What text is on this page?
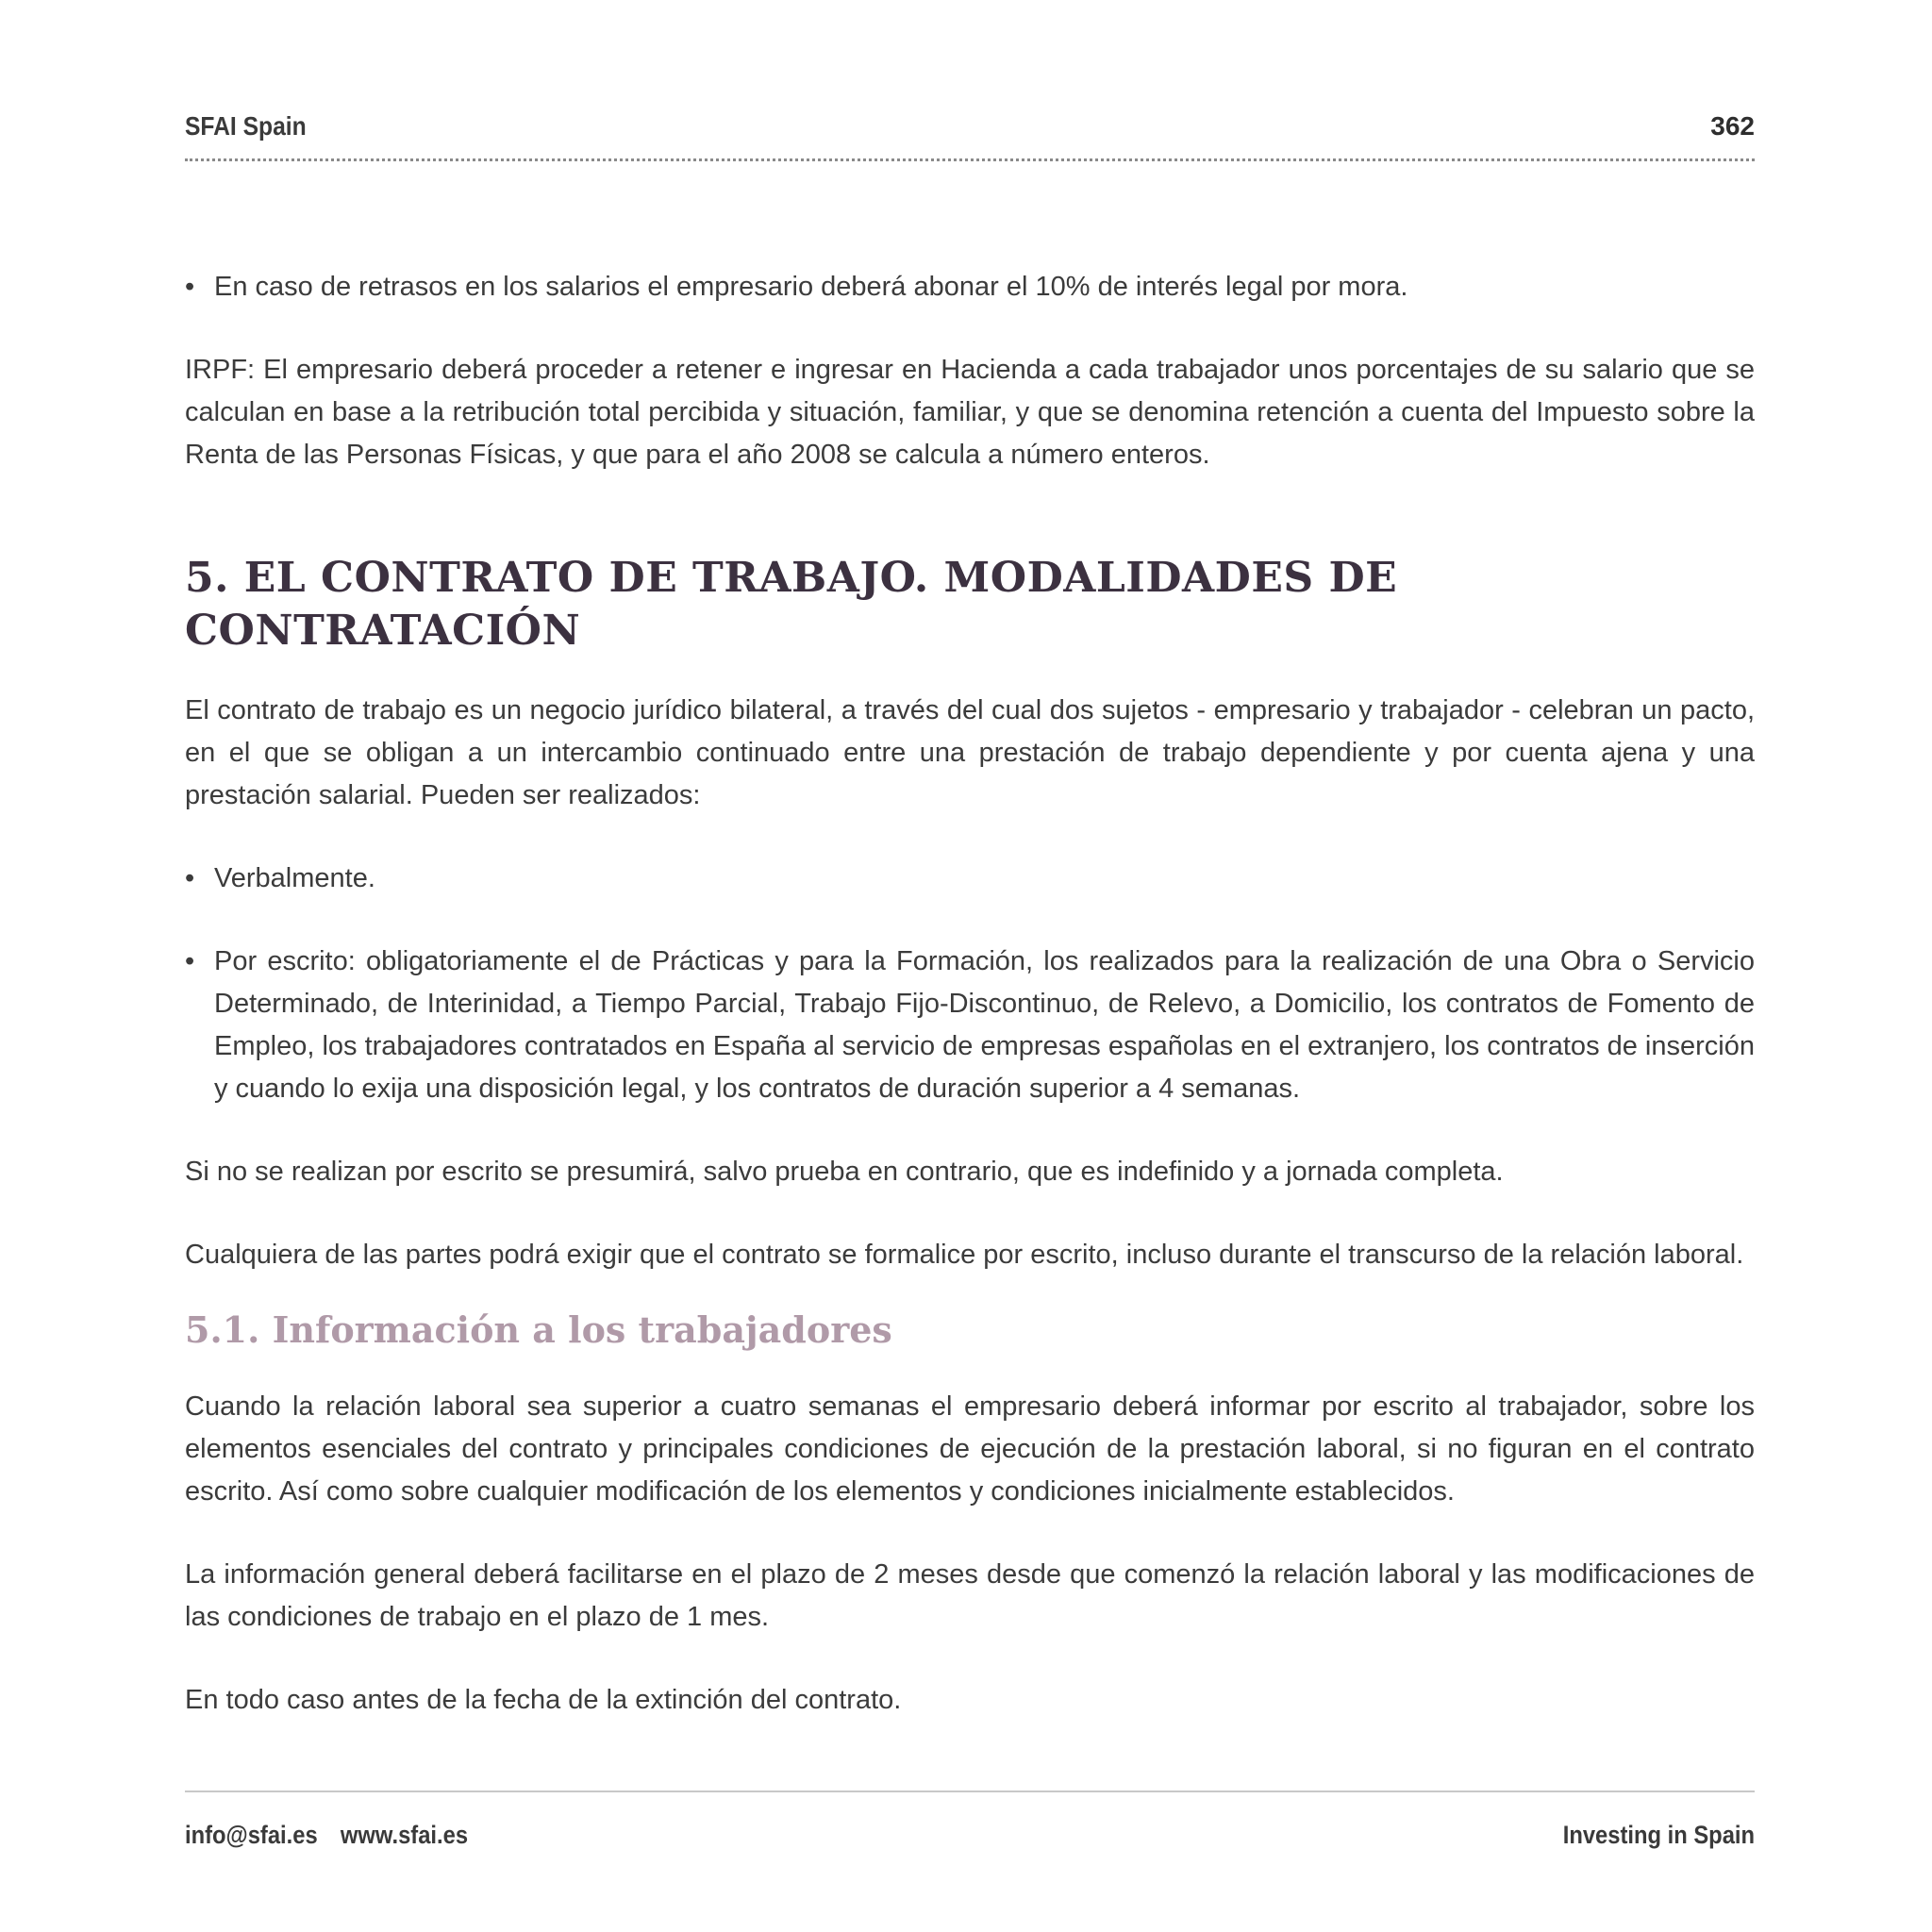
SFAI Spain	362

• En caso de retrasos en los salarios el empresario deberá abonar el 10% de interés legal por mora.

IRPF: El empresario deberá proceder a retener e ingresar en Hacienda a cada trabajador unos porcentajes de su salario que se calculan en base a la retribución total percibida y situación, familiar, y que se denomina retención a cuenta del Impuesto sobre la Renta de las Personas Físicas, y que para el año 2008 se calcula a número enteros.

5. EL CONTRATO DE TRABAJO. MODALIDADES DE CONTRATACIÓN

El contrato de trabajo es un negocio jurídico bilateral, a través del cual dos sujetos - empresario y trabajador - celebran un pacto, en el que se obligan a un intercambio continuado entre una prestación de trabajo dependiente y por cuenta ajena y una prestación salarial. Pueden ser realizados:

• Verbalmente.

• Por escrito: obligatoriamente el de Prácticas y para la Formación, los realizados para la realización de una Obra o Servicio Determinado, de Interinidad, a Tiempo Parcial, Trabajo Fijo-Discontinuo, de Relevo, a Domicilio, los contratos de Fomento de Empleo, los trabajadores contratados en España al servicio de empresas españolas en el extranjero, los contratos de inserción y cuando lo exija una disposición legal, y los contratos de duración superior a 4 semanas.

Si no se realizan por escrito se presumirá, salvo prueba en contrario, que es indefinido y a jornada completa.

Cualquiera de las partes podrá exigir que el contrato se formalice por escrito, incluso durante el transcurso de la relación laboral.

5.1. Información a los trabajadores

Cuando la relación laboral sea superior a cuatro semanas el empresario deberá informar por escrito al trabajador, sobre los elementos esenciales del contrato y principales condiciones de ejecución de la prestación laboral, si no figuran en el contrato escrito. Así como sobre cualquier modificación de los elementos y condiciones inicialmente establecidos.

La información general deberá facilitarse en el plazo de 2 meses desde que comenzó la relación laboral y las modificaciones de las condiciones de trabajo en el plazo de 1 mes.

En todo caso antes de la fecha de la extinción del contrato.

info@sfai.es www.sfai.es	Investing in Spain
